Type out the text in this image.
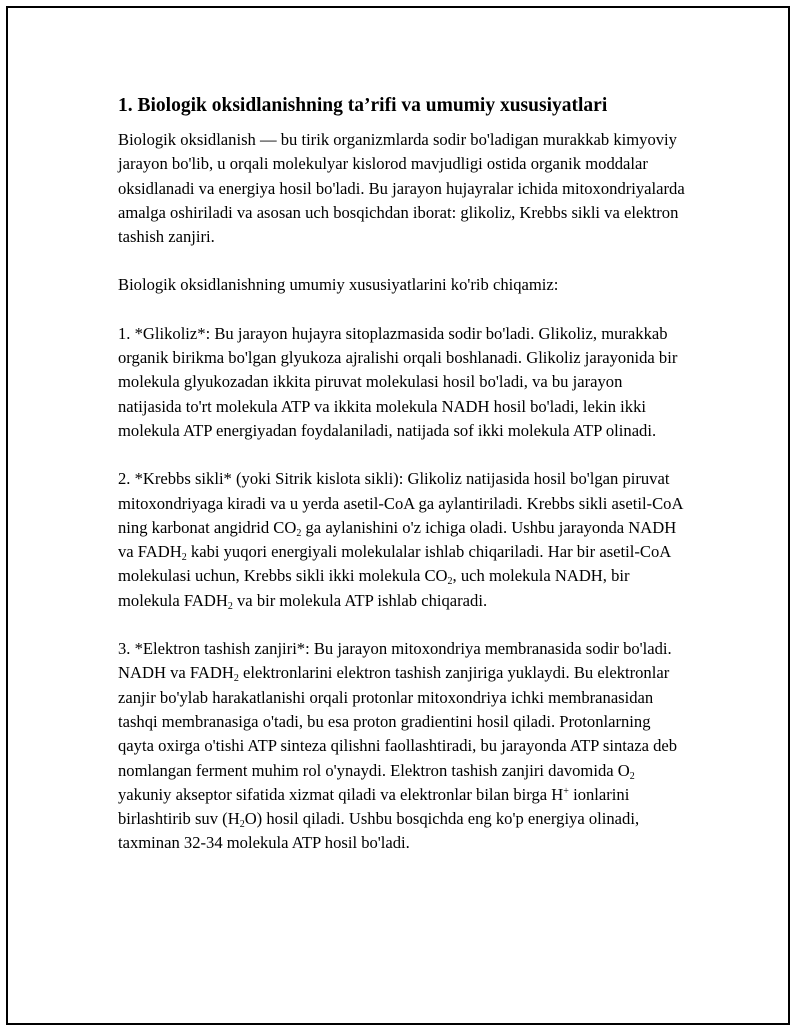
1. Biologik oksidlanishning ta’rifi va umumiy xususiyatlari

Biologik oksidlanish — bu tirik organizmlarda sodir bo'ladigan murakkab kimyoviy jarayon bo'lib, u orqali molekulyar kislorod mavjudligi ostida organik moddalar oksidlanadi va energiya hosil bo'ladi. Bu jarayon hujayralar ichida mitoxondriyalarda amalga oshiriladi va asosan uch bosqichdan iborat: glikoliz, Krebbs sikli va elektron tashish zanjiri.

Biologik oksidlanishning umumiy xususiyatlarini ko'rib chiqamiz:

1. *Glikoliz*: Bu jarayon hujayra sitoplazmasida sodir bo'ladi. Glikoliz, murakkab organik birikma bo'lgan glyukoza ajralishi orqali boshlanadi. Glikoliz jarayonida bir molekula glyukozadan ikkita piruvat molekulasi hosil bo'ladi, va bu jarayon natijasida to'rt molekula ATP va ikkita molekula NADH hosil bo'ladi, lekin ikki molekula ATP energiyadan foydalaniladi, natijada sof ikki molekula ATP olinadi.

2. *Krebbs sikli* (yoki Sitrik kislota sikli): Glikoliz natijasida hosil bo'lgan piruvat mitoxondriyaga kiradi va u yerda asetil-CoA ga aylantiriladi. Krebbs sikli asetil-CoA ning karbonat angidrid $CO_2$ ga aylanishini o'z ichiga oladi. Ushbu jarayonda NADH va $FADH_2$ kabi yuqori energiyali molekulalar ishlab chiqariladi. Har bir asetil-CoA molekulasi uchun, Krebbs sikli ikki molekula $CO_2$, uch molekula NADH, bir molekula $FADH_2$ va bir molekula ATP ishlab chiqaradi.

3. *Elektron tashish zanjiri*: Bu jarayon mitoxondriya membranasida sodir bo'ladi. NADH va $FADH_2$ elektronlarini elektron tashish zanjiriga yuklaydi. Bu elektronlar zanjir bo'ylab harakatlanishi orqali protonlar mitoxondriya ichki membranasidan tashqi membranasiga o'tadi, bu esa proton gradientini hosil qiladi. Protonlarning qayta oxirga o'tishi ATP sinteza qilishni faollashtiradi, bu jarayonda ATP sintaza deb nomlangan ferment muhim rol o'ynaydi. Elektron tashish zanjiri davomida $O_2$ yakuniy akseptor sifatida xizmat qiladi va elektronlar bilan birga H+ ionlarini birlashtirib suv $(H_2O)$ hosil qiladi. Ushbu bosqichda eng ko'p energiya olinadi, taxminan 32-34 molekula ATP hosil bo'ladi.
